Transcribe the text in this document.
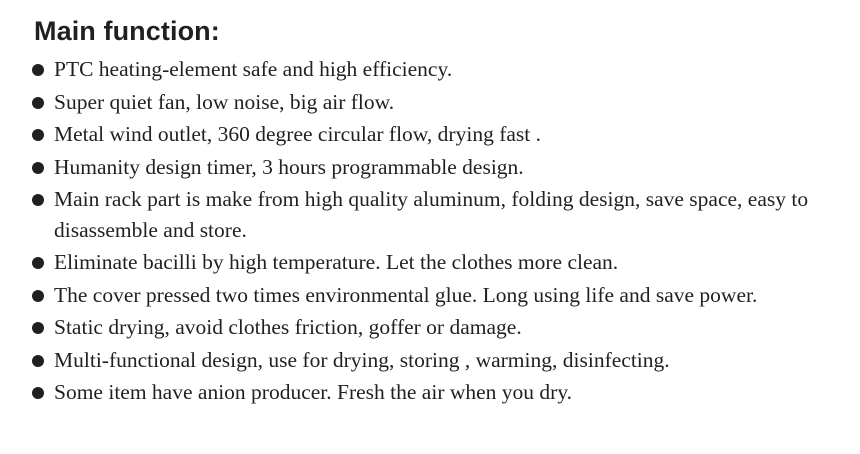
Main function:
PTC heating-element safe and high efficiency.
Super quiet fan, low noise, big air flow.
Metal wind outlet, 360 degree circular flow, drying fast .
Humanity design timer, 3 hours programmable design.
Main rack part is make from high quality aluminum, folding design, save space, easy to disassemble and store.
Eliminate bacilli by high temperature. Let the clothes more clean.
The cover pressed two times environmental glue. Long using life and save power.
Static drying, avoid clothes friction, goffer or damage.
Multi-functional design, use for drying, storing , warming, disinfecting.
Some item have anion producer. Fresh the air when you dry.
